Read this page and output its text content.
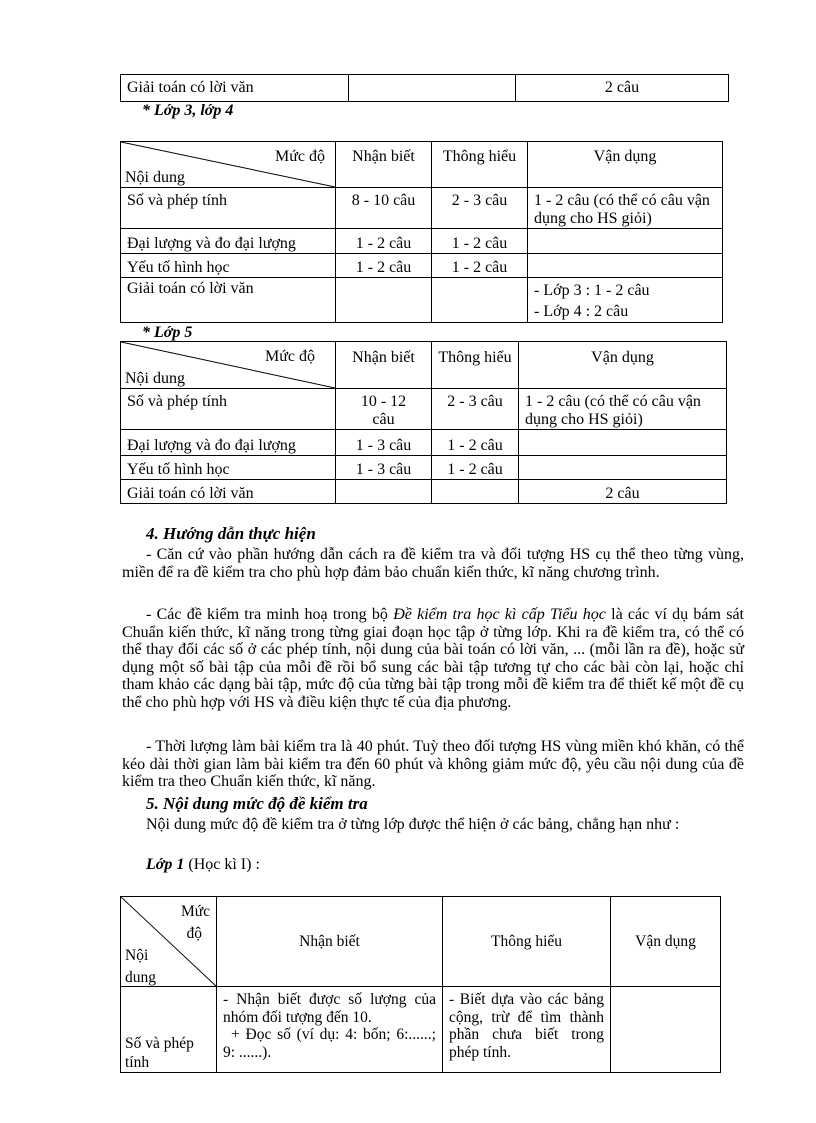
Giải toán có lời văn		2 câu
* Lớp 3, lớp 4
Mức độ
Nội dung	Nhận biết	Thông hiểu	Vận dụng
Số và phép tính	8 - 10 câu	2 - 3 câu	1 - 2 câu (có thể có câu vận dụng cho HS giỏi)
Đại lượng và đo đại lượng	1 - 2 câu	1 - 2 câu	
Yếu tố hình học	1 - 2 câu	1 - 2 câu	
Giải toán có lời văn			- Lớp 3 : 1 - 2 câu
- Lớp 4 : 2 câu
* Lớp 5
Mức độ
Nội dung	Nhận biết	Thông hiểu	Vận dụng
Số và phép tính	10 - 12 câu	2 - 3 câu	1 - 2 câu (có thể có câu vận dụng cho HS giỏi)
Đại lượng và đo đại lượng	1 - 3 câu	1 - 2 câu	
Yếu tố hình học	1 - 3 câu	1 - 2 câu	
Giải toán có lời văn			2 câu
4. Hướng dẫn thực hiện

- Căn cứ vào phần hướng dẫn cách ra đề kiểm tra và đối tượng HS cụ thể theo từng vùng, miền để ra đề kiểm tra cho phù hợp đảm bảo chuẩn kiến thức, kĩ năng chương trình.

- Các đề kiểm tra minh hoạ trong bộ Đề kiểm tra học kì cấp Tiểu học là các ví dụ bám sát Chuẩn kiến thức, kĩ năng trong từng giai đoạn học tập ở từng lớp. Khi ra đề kiểm tra, có thể có thể thay đổi các số ở các phép tính, nội dung của bài toán có lời văn, ... (mỗi lần ra đề), hoặc sử dụng một số bài tập của mỗi đề rồi bổ sung các bài tập tương tự cho các bài còn lại, hoặc chỉ tham khảo các dạng bài tập, mức độ của từng bài tập trong mỗi đề kiểm tra để thiết kế một đề cụ thể cho phù hợp với HS và điều kiện thực tế của địa phương.

- Thời lượng làm bài kiểm tra là 40 phút. Tuỳ theo đối tượng HS vùng miền khó khăn, có thể kéo dài thời gian làm bài kiểm tra đến 60 phút và không giảm mức độ, yêu cầu nội dung của đề kiểm tra theo Chuẩn kiến thức, kĩ năng.

5. Nội dung mức độ đề kiểm tra

Nội dung mức độ đề kiểm tra ở từng lớp được thể hiện ở các bảng, chẳng hạn như :

Lớp 1 (Học kì I) :
Mức
độ
Nội
dung	Nhận biết	Thông hiểu	Vận dụng
Số và phép tính	- Nhận biết được số lượng của nhóm đối tượng đến 10.
+ Đọc số (ví dụ: 4: bốn; 6:......; 9: ......).	- Biết dựa vào các bảng cộng, trừ để tìm thành phần chưa biết trong phép tính.	
